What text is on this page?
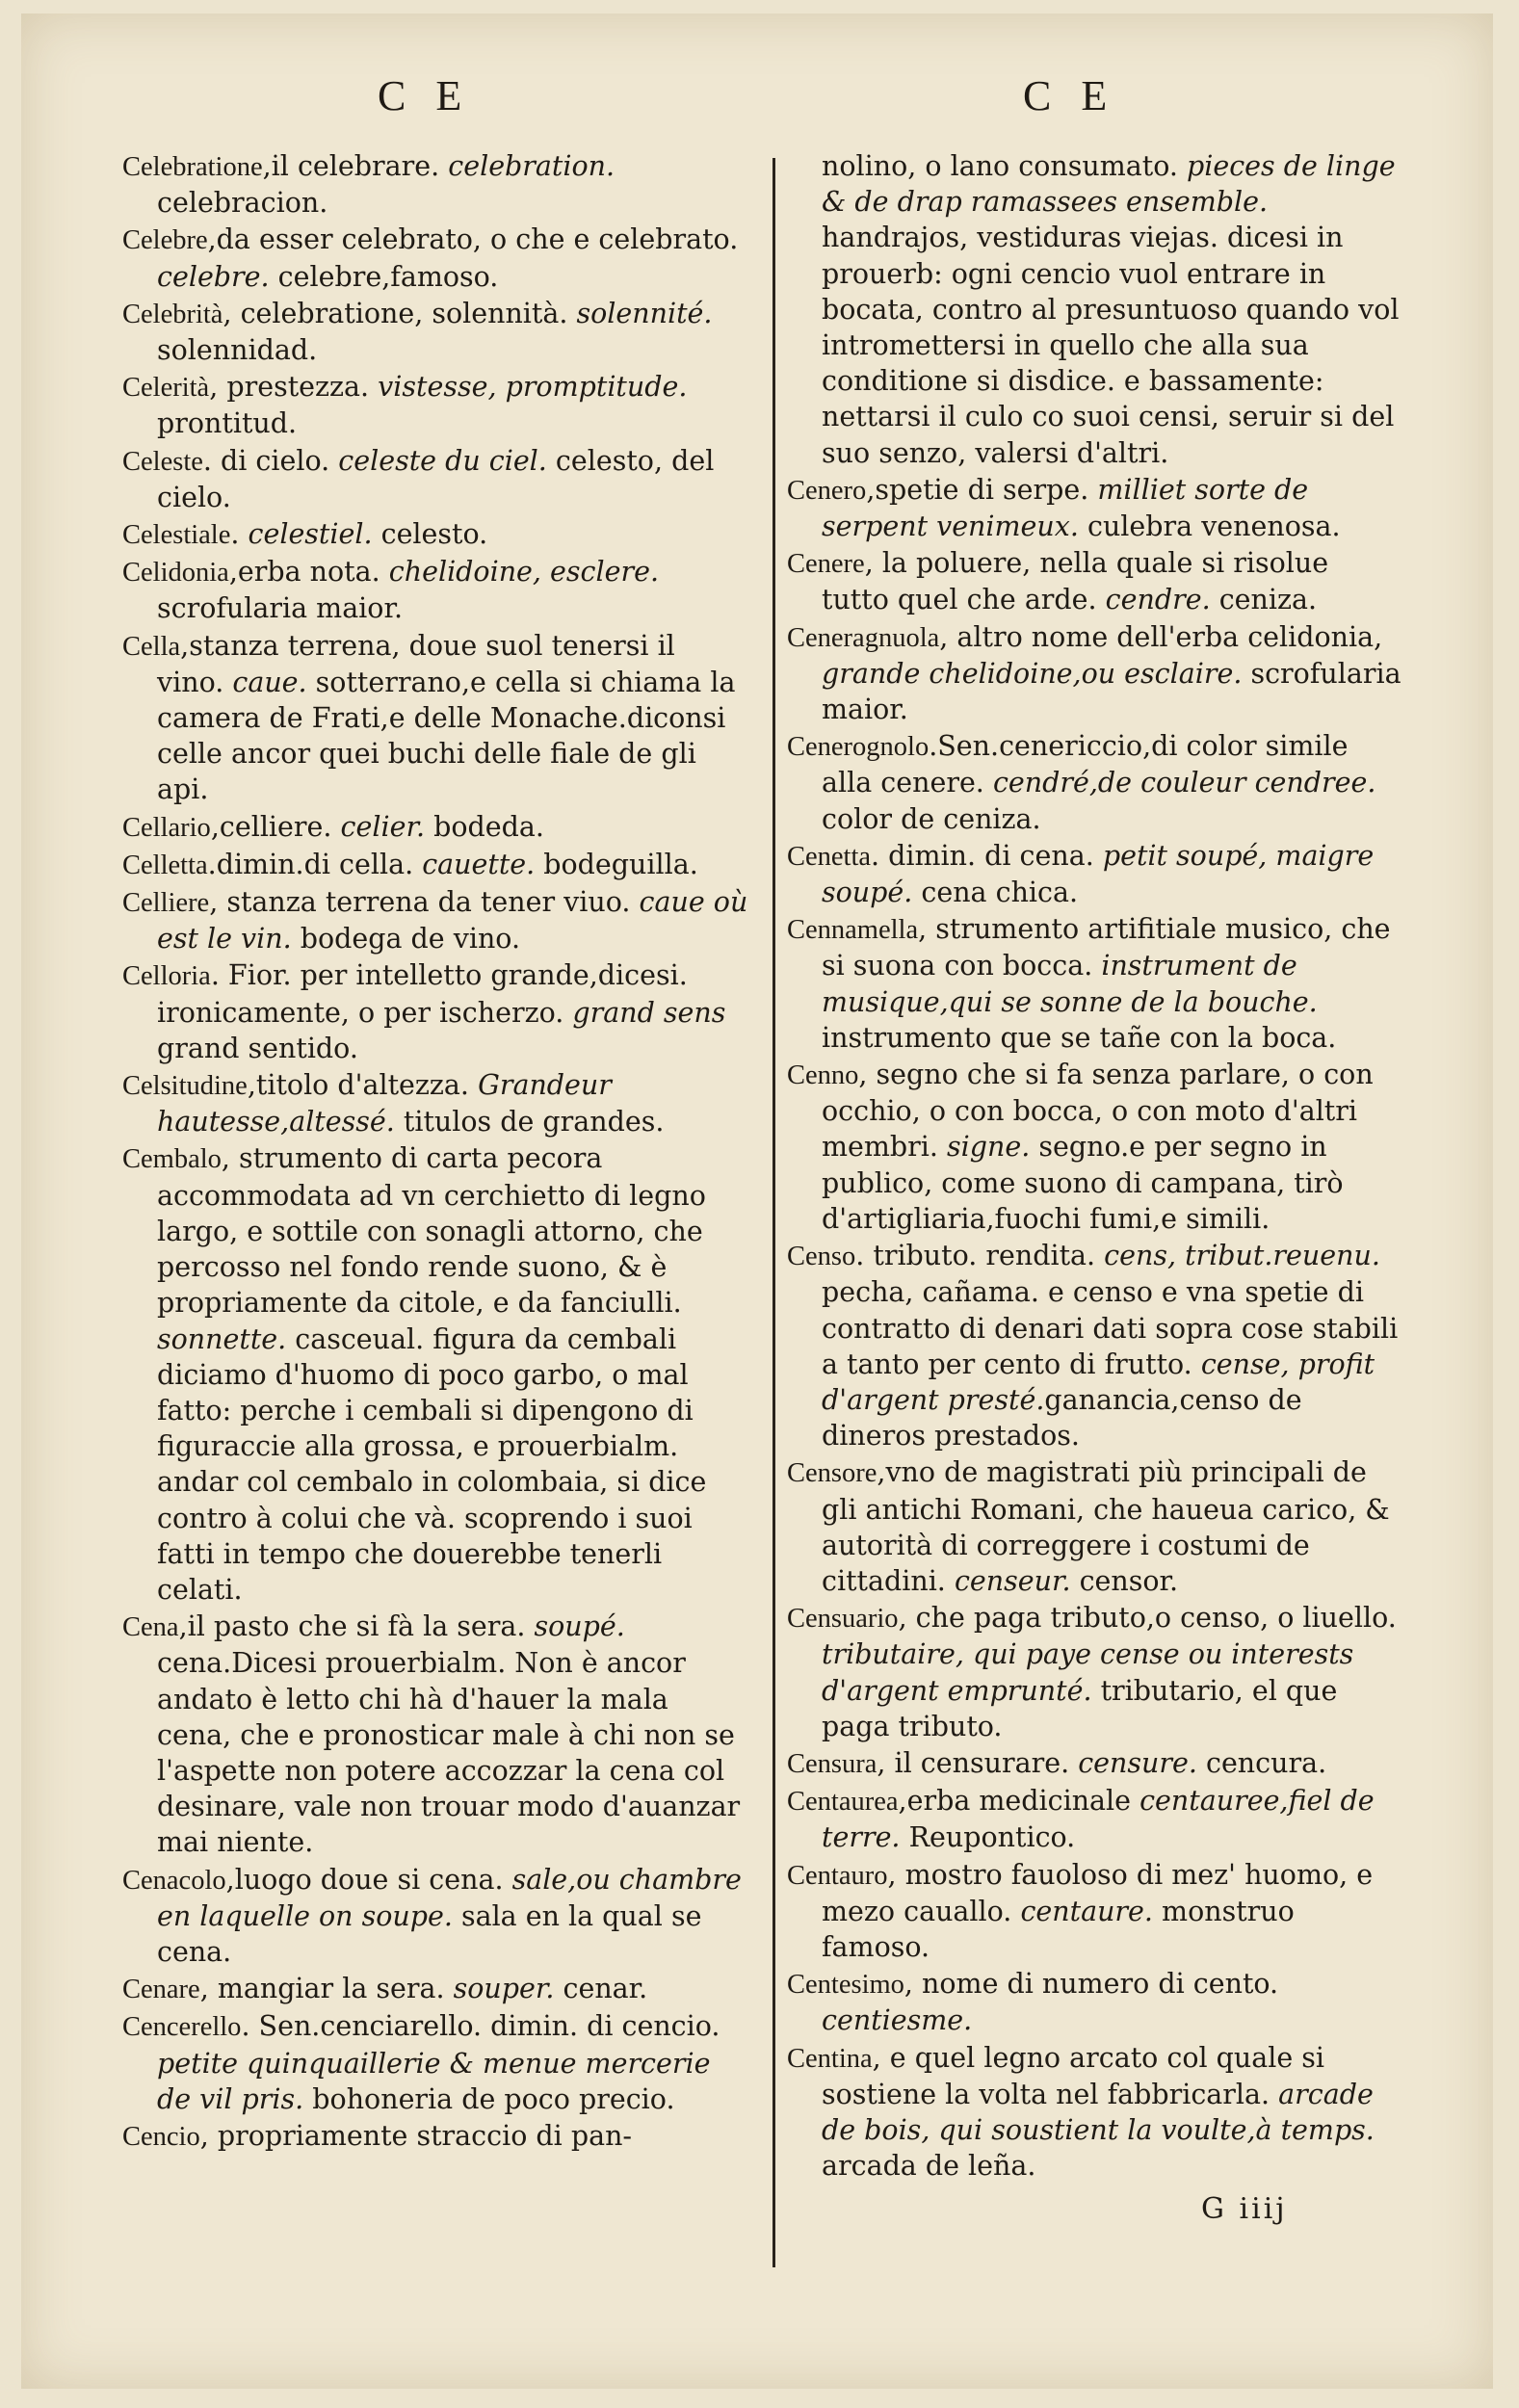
C E	C E

Celebratione,il celebrare. celebration. celebracion.

Celebre,da esser celebrato, o che e celebrato. celebre. celebre,famoso.

Celebrità, celebratione, solennità. solennité. solennidad.

Celerità, prestezza. vistesse, promptitude. prontitud.

Celeste. di cielo. celeste du ciel. celesto, del cielo.

Celestiale. celestiel. celesto.

Celidonia,erba nota. chelidoine, esclere. scrofularia maior.

Cella,stanza terrena, doue suol tenersi il vino. caue. sotterrano,e cella si chiama la camera de Frati,e delle Monache.diconsi celle ancor quei buchi delle fiale de gli api.

Cellario,celliere. celier. bodeda.

Celletta.dimin.di cella. cauette. bodeguilla.

Celliere, stanza terrena da tener viuo. caue où est le vin. bodega de vino.

Celloria. Fior. per intelletto grande,dicesi. ironicamente, o per ischerzo. grand sens grand sentido.

Celsitudine,titolo d'altezza. Grandeur hautesse,altessé. titulos de grandes.

Cembalo, strumento di carta pecora accommodata ad vn cerchietto di legno largo, e sottile con sonagli attorno, che percosso nel fondo rende suono, & è propriamente da citole, e da fanciulli. sonnette. casceual. figura da cembali diciamo d'huomo di poco garbo, o mal fatto: perche i cembali si dipengono di figuraccie alla grossa, e prouerbialm. andar col cembalo in colombaia, si dice contro à colui che và. scoprendo i suoi fatti in tempo che douerebbe tenerli celati.

Cena,il pasto che si fà la sera. soupé. cena.Dicesi prouerbialm. Non è ancor andato è letto chi hà d'hauer la mala cena, che e pronosticar male à chi non se l'aspette non potere accozzar la cena col desinare, vale non trouar modo d'auanzar mai niente.

Cenacolo,luogo doue si cena. sale,ou chambre en laquelle on soupe. sala en la qual se cena.

Cenare, mangiar la sera. souper. cenar.

Cencerello. Sen.cenciarello. dimin. di cencio. petite quinquaillerie & menue mercerie de vil pris. bohoneria de poco precio.

Cencio, propriamente straccio di pan-

nolino, o lano consumato. pieces de linge & de drap ramassees ensemble. handrajos, vestiduras viejas. dicesi in prouerb: ogni cencio vuol entrare in bocata, contro al presuntuoso quando vol intromettersi in quello che alla sua conditione si disdice. e bassamente: nettarsi il culo co suoi censi, seruir si del suo senzo, valersi d'altri.

Cenero,spetie di serpe. milliet sorte de serpent venimeux. culebra venenosa.

Cenere, la poluere, nella quale si risolue tutto quel che arde. cendre. ceniza.

Ceneragnuola, altro nome dell'erba celidonia, grande chelidoine,ou esclaire. scrofularia maior.

Cenerognolo.Sen.cenericcio,di color simile alla cenere. cendré,de couleur cendree. color de ceniza.

Cenetta. dimin. di cena. petit soupé, maigre soupé. cena chica.

Cennamella, strumento artifitiale musico, che si suona con bocca. instrument de musique,qui se sonne de la bouche. instrumento que se tañe con la boca.

Cenno, segno che si fa senza parlare, o con occhio, o con bocca, o con moto d'altri membri. signe. segno.e per segno in publico, come suono di campana, tirò d'artigliaria,fuochi fumi,e simili.

Censo. tributo. rendita. cens, tribut.reuenu. pecha, cañama. e censo e vna spetie di contratto di denari dati sopra cose stabili a tanto per cento di frutto. cense, profit d'argent presté.ganancia,censo de dineros prestados.

Censore,vno de magistrati più principali de gli antichi Romani, che haueua carico, & autorità di correggere i costumi de cittadini. censeur. censor.

Censuario, che paga tributo,o censo, o liuello. tributaire, qui paye cense ou interests d'argent emprunté. tributario, el que paga tributo.

Censura, il censurare. censure. cencura.

Centaurea,erba medicinale centauree,fiel de terre. Reupontico.

Centauro, mostro fauoloso di mez' huomo, e mezo cauallo. centaure. monstruo famoso.

Centesimo, nome di numero di cento. centiesme.

Centina, e quel legno arcato col quale si sostiene la volta nel fabbricarla. arcade de bois, qui soustient la voulte,à temps. arcada de leña.

G iiij
